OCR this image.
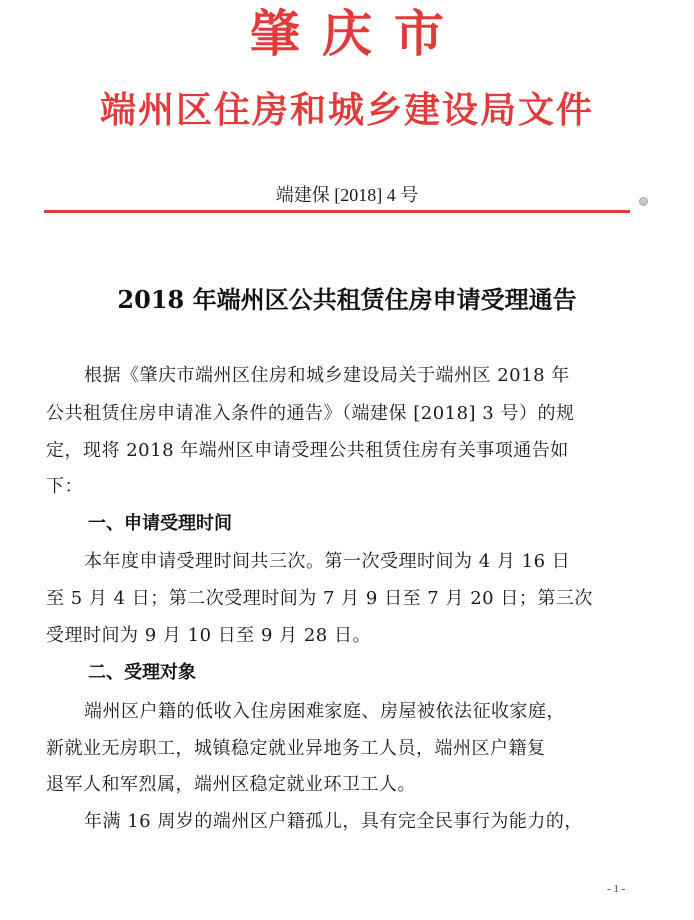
肇庆市
端州区住房和城乡建设局文件
端建保 [2018] 4 号
2018 年端州区公共租赁住房申请受理通告
根据《肇庆市端州区住房和城乡建设局关于端州区 2018 年
公共租赁住房申请准入条件的通告》（端建保 [2018] 3 号）的规
定，现将 2018 年端州区申请受理公共租赁住房有关事项通告如
下：
一、申请受理时间
本年度申请受理时间共三次。第一次受理时间为 4 月 16 日
至 5 月 4 日；第二次受理时间为 7 月 9 日至 7 月 20 日；第三次
受理时间为 9 月 10 日至 9 月 28 日。
二、受理对象
端州区户籍的低收入住房困难家庭、房屋被依法征收家庭，
新就业无房职工，城镇稳定就业异地务工人员，端州区户籍复
退军人和军烈属，端州区稳定就业环卫工人。
年满 16 周岁的端州区户籍孤儿，具有完全民事行为能力的，
- 1 -
